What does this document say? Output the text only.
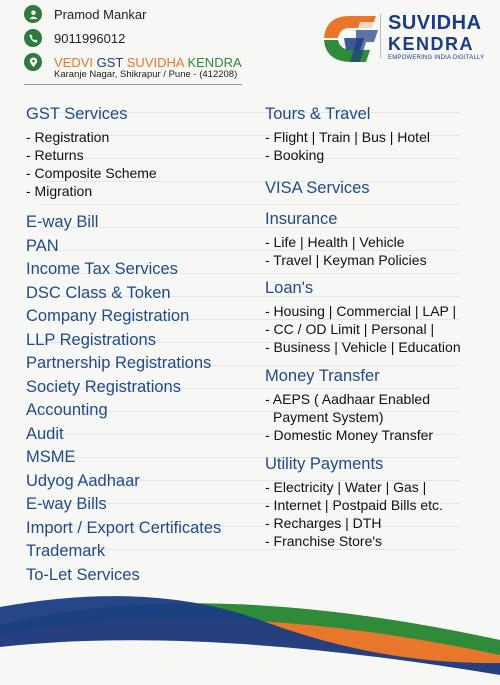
Pramod Mankar
9011996012
VEDVI GST SUVIDHA KENDRA
Karanje Nagar, Shikrapur / Pune - (412208)
SUVIDHA
KENDRA
EMPOWERING INDIA DIGITALLY

GST Services

- Registration

- Returns

- Composite Scheme

- Migration

E-way Bill

PAN

Income Tax Services

DSC Class & Token

Company Registration

LLP Registrations

Partnership Registrations

Society Registrations

Accounting

Audit

MSME

Udyog Aadhaar

E-way Bills

Import / Export Certificates

Trademark

To-Let Services

Tours & Travel

- Flight | Train | Bus | Hotel

- Booking

VISA Services

Insurance

- Life | Health | Vehicle

- Travel | Keyman Policies

Loan's

- Housing | Commercial | LAP |

- CC / OD Limit | Personal |

- Business | Vehicle | Education

Money Transfer

- AEPS ( Aadhaar Enabled

Payment System)

- Domestic Money Transfer

Utility Payments

- Electricity | Water | Gas |

- Internet | Postpaid Bills etc.

- Recharges | DTH

- Franchise Store's
